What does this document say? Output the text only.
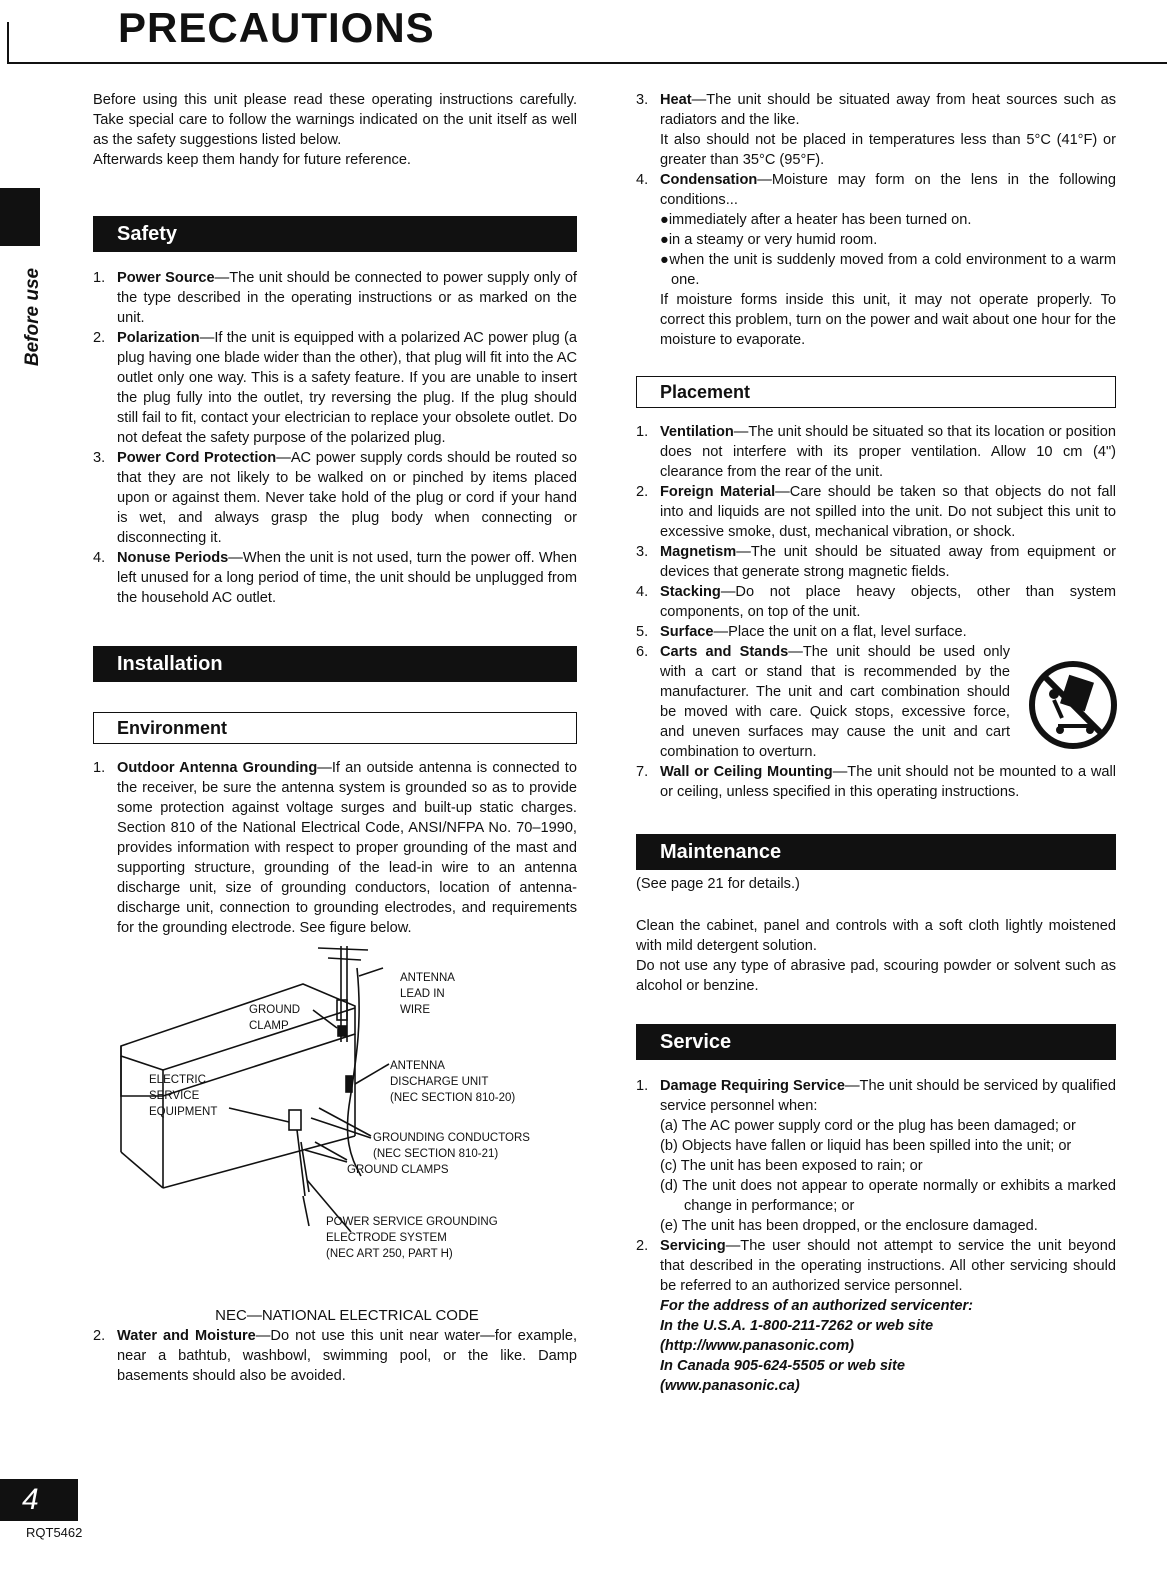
PRECAUTIONS
Before use

Before using this unit please read these operating instructions carefully. Take special care to follow the warnings indicated on the unit itself as well as the safety suggestions listed below.

Afterwards keep them handy for future reference.

Safety
1. Power Source—The unit should be connected to power supply only of the type described in the operating instructions or as marked on the unit.
2. Polarization—If the unit is equipped with a polarized AC power plug (a plug having one blade wider than the other), that plug will fit into the AC outlet only one way. This is a safety feature. If you are unable to insert the plug fully into the outlet, try reversing the plug. If the plug should still fail to fit, contact your electrician to replace your obsolete outlet. Do not defeat the safety purpose of the polarized plug.
3. Power Cord Protection—AC power supply cords should be routed so that they are not likely to be walked on or pinched by items placed upon or against them. Never take hold of the plug or cord if your hand is wet, and always grasp the plug body when connecting or disconnecting it.
4. Nonuse Periods—When the unit is not used, turn the power off. When left unused for a long period of time, the unit should be unplugged from the household AC outlet.
Installation
Environment
1. Outdoor Antenna Grounding—If an outside antenna is connected to the receiver, be sure the antenna system is grounded so as to provide some protection against voltage surges and built-up static charges. Section 810 of the National Electrical Code, ANSI/NFPA No. 70–1990, provides information with respect to proper grounding of the mast and supporting structure, grounding of the lead-in wire to an antenna discharge unit, size of grounding conductors, location of antenna-discharge unit, connection to grounding electrodes, and requirements for the grounding electrode. See figure below.
ANTENNA
LEAD IN
WIRE
GROUND
CLAMP
ELECTRIC
SERVICE
EQUIPMENT
ANTENNA
DISCHARGE UNIT
(NEC SECTION 810-20)
GROUNDING CONDUCTORS
(NEC SECTION 810-21)
GROUND CLAMPS
POWER SERVICE GROUNDING
ELECTRODE SYSTEM
(NEC ART 250, PART H)
NEC—NATIONAL ELECTRICAL CODE
2. Water and Moisture—Do not use this unit near water—for example, near a bathtub, washbowl, swimming pool, or the like. Damp basements should also be avoided.
3. Heat—The unit should be situated away from heat sources such as radiators and the like.
It also should not be placed in temperatures less than 5°C (41°F) or greater than 35°C (95°F).
4. Condensation—Moisture may form on the lens in the following conditions...
●immediately after a heater has been turned on.
●in a steamy or very humid room.
●when the unit is suddenly moved from a cold environment to a warm one.
If moisture forms inside this unit, it may not operate properly. To correct this problem, turn on the power and wait about one hour for the moisture to evaporate.
Placement
1. Ventilation—The unit should be situated so that its location or position does not interfere with its proper ventilation. Allow 10 cm (4") clearance from the rear of the unit.
2. Foreign Material—Care should be taken so that objects do not fall into and liquids are not spilled into the unit. Do not subject this unit to excessive smoke, dust, mechanical vibration, or shock.
3. Magnetism—The unit should be situated away from equipment or devices that generate strong magnetic fields.
4. Stacking—Do not place heavy objects, other than system components, on top of the unit.
5. Surface—Place the unit on a flat, level surface.
6. Carts and Stands—The unit should be used only with a cart or stand that is recommended by the manufacturer. The unit and cart combination should be moved with care. Quick stops, excessive force, and uneven surfaces may cause the unit and cart combination to overturn.
7. Wall or Ceiling Mounting—The unit should not be mounted to a wall or ceiling, unless specified in this operating instructions.
Maintenance

(See page 21 for details.)

Clean the cabinet, panel and controls with a soft cloth lightly moistened with mild detergent solution.

Do not use any type of abrasive pad, scouring powder or solvent such as alcohol or benzine.

Service
1. Damage Requiring Service—The unit should be serviced by qualified service personnel when:
(a) The AC power supply cord or the plug has been damaged; or
(b) Objects have fallen or liquid has been spilled into the unit; or
(c) The unit has been exposed to rain; or
(d) The unit does not appear to operate normally or exhibits a marked change in performance; or
(e) The unit has been dropped, or the enclosure damaged.
2. Servicing—The user should not attempt to service the unit beyond that described in the operating instructions. All other servicing should be referred to an authorized service personnel.
For the address of an authorized servicenter:
In the U.S.A. 1-800-211-7262 or web site
(http://www.panasonic.com)
In Canada 905-624-5505 or web site
(www.panasonic.ca)
4
RQT5462
